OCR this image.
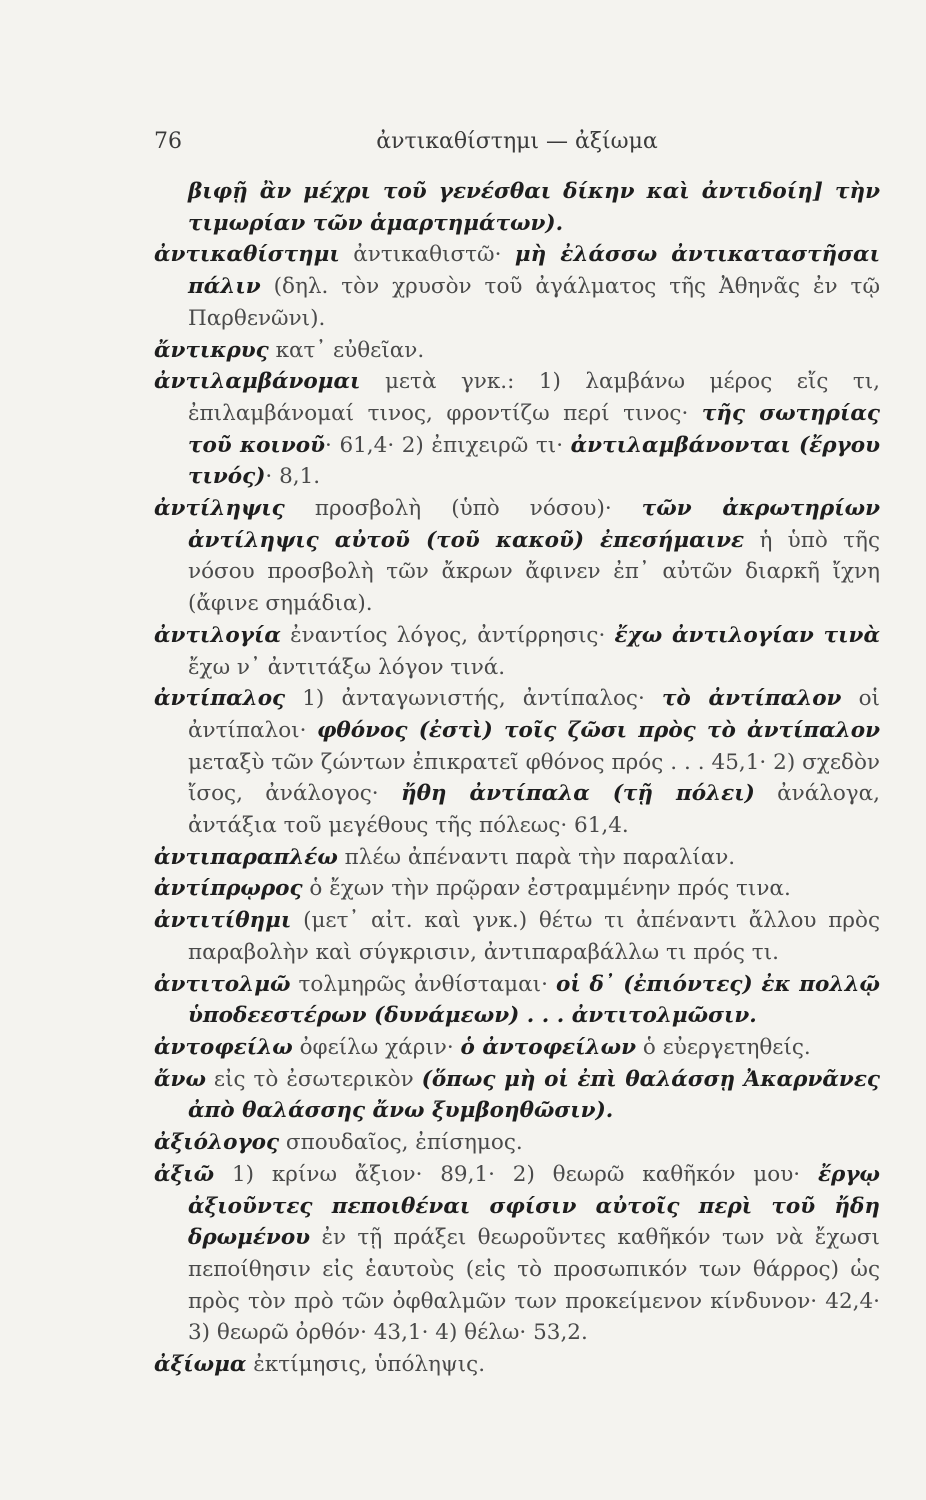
76	ἀντικαθίστημι — ἀξίωμα

βιφῇ ἂν μέχρι τοῦ γενέσθαι δίκην καὶ ἀντιδοίη] τὴν τιμωρίαν τῶν ἁμαρτημάτων).

ἀντικαθίστημι ἀντικαθιστῶ· μὴ ἐλάσσω ἀντικαταστῆσαι πάλιν (δηλ. τὸν χρυσὸν τοῦ ἀγάλματος τῆς Ἀθηνᾶς ἐν τῷ Παρθενῶνι).

ἄντικρυς κατ᾽ εὐθεῖαν.

ἀντιλαμβάνομαι μετὰ γνκ.: 1) λαμβάνω μέρος εἴς τι, ἐπιλαμβάνομαί τινος, φροντίζω περί τινος· τῆς σωτηρίας τοῦ κοινοῦ· 61,4· 2) ἐπιχειρῶ τι· ἀντιλαμβάνονται (ἔργου τινός)· 8,1.

ἀντίληψις προσβολὴ (ὑπὸ νόσου)· τῶν ἀκρωτηρίων ἀντίληψις αὐτοῦ (τοῦ κακοῦ) ἐπεσήμαινε ἡ ὑπὸ τῆς νόσου προσβολὴ τῶν ἄκρων ἄφινεν ἐπ᾽ αὐτῶν διαρκῆ ἴχνη (ἄφινε σημάδια).

ἀντιλογία ἐναντίος λόγος, ἀντίρρησις· ἔχω ἀντιλογίαν τινὰ ἔχω ν᾽ ἀντιτάξω λόγον τινά.

ἀντίπαλος 1) ἀνταγωνιστής, ἀντίπαλος· τὸ ἀντίπαλον οἱ ἀντίπαλοι· φθόνος (ἐστὶ) τοῖς ζῶσι πρὸς τὸ ἀντίπαλον μεταξὺ τῶν ζώντων ἐπικρατεῖ φθόνος πρός . . . 45,1· 2) σχεδὸν ἴσος, ἀνάλογος· ἤθη ἀντίπαλα (τῇ πόλει) ἀνάλογα, ἀντάξια τοῦ μεγέθους τῆς πόλεως· 61,4.

ἀντιπαραπλέω πλέω ἀπέναντι παρὰ τὴν παραλίαν.

ἀντίπρῳρος ὁ ἔχων τὴν πρῷραν ἐστραμμένην πρός τινα.

ἀντιτίθημι (μετ᾽ αἰτ. καὶ γνκ.) θέτω τι ἀπέναντι ἄλλου πρὸς παραβολὴν καὶ σύγκρισιν, ἀντιπαραβάλλω τι πρός τι.

ἀντιτολμῶ τολμηρῶς ἀνθίσταμαι· οἱ δ᾽ (ἐπιόντες) ἐκ πολλῷ ὑποδεεστέρων (δυνάμεων) . . . ἀντιτολμῶσιν.

ἀντοφείλω ὀφείλω χάριν· ὁ ἀντοφείλων ὁ εὐεργετηθείς.

ἄνω εἰς τὸ ἐσωτερικὸν (ὅπως μὴ οἱ ἐπὶ θαλάσσῃ Ἀκαρνᾶνες ἀπὸ θαλάσσης ἄνω ξυμβοηθῶσιν).

ἀξιόλογος σπουδαῖος, ἐπίσημος.

ἀξιῶ 1) κρίνω ἄξιον· 89,1· 2) θεωρῶ καθῆκόν μου· ἔργῳ ἀξιοῦντες πεποιθέναι σφίσιν αὐτοῖς περὶ τοῦ ἤδη δρωμένου ἐν τῇ πράξει θεωροῦντες καθῆκόν των νὰ ἔχωσι πεποίθησιν εἰς ἑαυτοὺς (εἰς τὸ προσωπικόν των θάρρος) ὡς πρὸς τὸν πρὸ τῶν ὀφθαλμῶν των προκείμενον κίνδυνον· 42,4· 3) θεωρῶ ὀρθόν· 43,1· 4) θέλω· 53,2.

ἀξίωμα ἐκτίμησις, ὑπόληψις.
